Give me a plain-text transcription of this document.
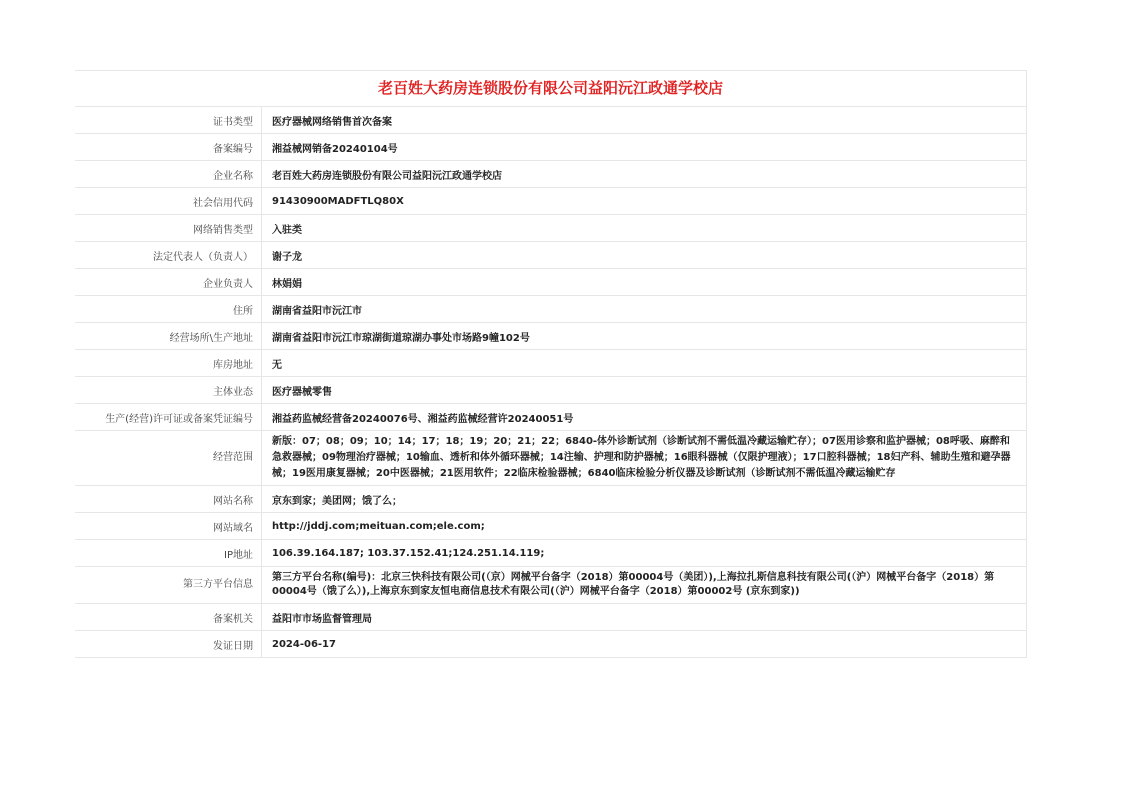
老百姓大药房连锁股份有限公司益阳沅江政通学校店
证书类型	医疗器械网络销售首次备案
备案编号	湘益械网销备20240104号
企业名称	老百姓大药房连锁股份有限公司益阳沅江政通学校店
社会信用代码	91430900MADFTLQ80X
网络销售类型	入驻类
法定代表人（负责人）	谢子龙
企业负责人	林娟娟
住所	湖南省益阳市沅江市
经营场所\生产地址	湖南省益阳市沅江市琼湖街道琼湖办事处市场路9幢102号
库房地址	无
主体业态	医疗器械零售
生产(经营)许可证或备案凭证编号	湘益药监械经营备20240076号、湘益药监械经营许20240051号
经营范围	新版：07；08；09；10；14；17；18；19；20；21；22；6840-体外诊断试剂（诊断试剂不需低温冷藏运输贮存）；07医用诊察和监护器械；08呼吸、麻醉和急救器械；09物理治疗器械；10输血、透析和体外循环器械；14注输、护理和防护器械；16眼科器械（仅限护理液）；17口腔科器械；18妇产科、辅助生殖和避孕器械；19医用康复器械；20中医器械；21医用软件；22临床检验器械；6840临床检验分析仪器及诊断试剂（诊断试剂不需低温冷藏运输贮存
网站名称	京东到家；美团网；饿了么；
网站域名	http://jddj.com;meituan.com;ele.com;
IP地址	106.39.164.187; 103.37.152.41;124.251.14.119;
第三方平台信息	第三方平台名称(编号)：北京三快科技有限公司(（京）网械平台备字（2018）第00004号（美团）),上海拉扎斯信息科技有限公司(（沪）网械平台备字（2018）第00004号（饿了么）),上海京东到家友恒电商信息技术有限公司(（沪）网械平台备字（2018）第00002号 (京东到家))
备案机关	益阳市市场监督管理局
发证日期	2024-06-17
